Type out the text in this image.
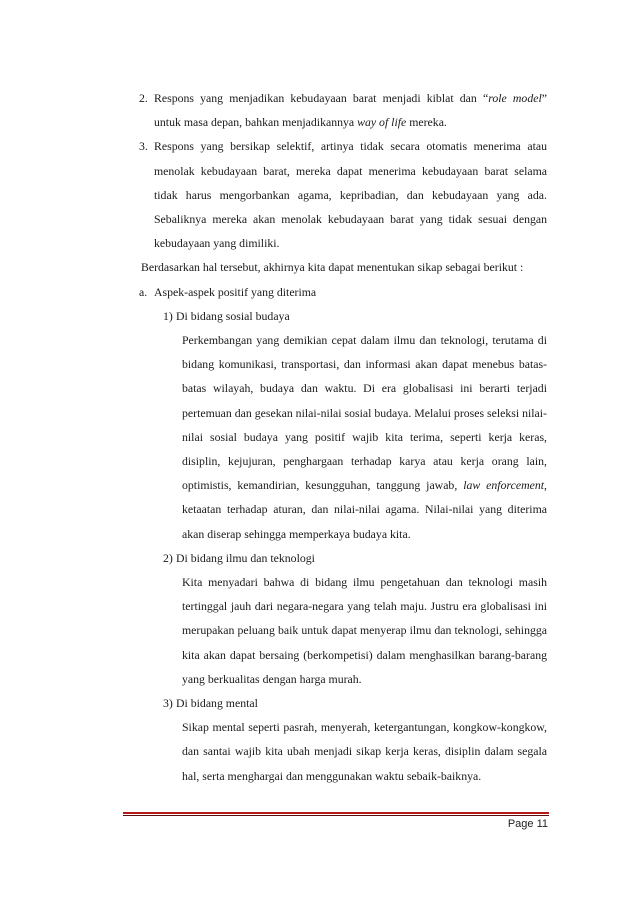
2. Respons yang menjadikan kebudayaan barat menjadi kiblat dan “role model” untuk masa depan, bahkan menjadikannya way of life mereka.
3. Respons yang bersikap selektif, artinya tidak secara otomatis menerima atau menolak kebudayaan barat, mereka dapat menerima kebudayaan barat selama tidak harus mengorbankan agama, kepribadian, dan kebudayaan yang ada. Sebaliknya mereka akan menolak kebudayaan barat yang tidak sesuai dengan kebudayaan yang dimiliki.
Berdasarkan hal tersebut, akhirnya kita dapat menentukan sikap sebagai berikut :
a. Aspek-aspek positif yang diterima
1) Di bidang sosial budaya
Perkembangan yang demikian cepat dalam ilmu dan teknologi, terutama di bidang komunikasi, transportasi, dan informasi akan dapat menebus batas-batas wilayah, budaya dan waktu. Di era globalisasi ini berarti terjadi pertemuan dan gesekan nilai-nilai sosial budaya. Melalui proses seleksi nilai-nilai sosial budaya yang positif wajib kita terima, seperti kerja keras, disiplin, kejujuran, penghargaan terhadap karya atau kerja orang lain, optimistis, kemandirian, kesungguhan, tanggung jawab, law enforcement, ketaatan terhadap aturan, dan nilai-nilai agama. Nilai-nilai yang diterima akan diserap sehingga memperkaya budaya kita.
2) Di bidang ilmu dan teknologi
Kita menyadari bahwa di bidang ilmu pengetahuan dan teknologi masih tertinggal jauh dari negara-negara yang telah maju. Justru era globalisasi ini merupakan peluang baik untuk dapat menyerap ilmu dan teknologi, sehingga kita akan dapat bersaing (berkompetisi) dalam menghasilkan barang-barang yang berkualitas dengan harga murah.
3) Di bidang mental
Sikap mental seperti pasrah, menyerah, ketergantungan, kongkow-kongkow, dan santai wajib kita ubah menjadi sikap kerja keras, disiplin dalam segala hal, serta menghargai dan menggunakan waktu sebaik-baiknya.
Page 11
